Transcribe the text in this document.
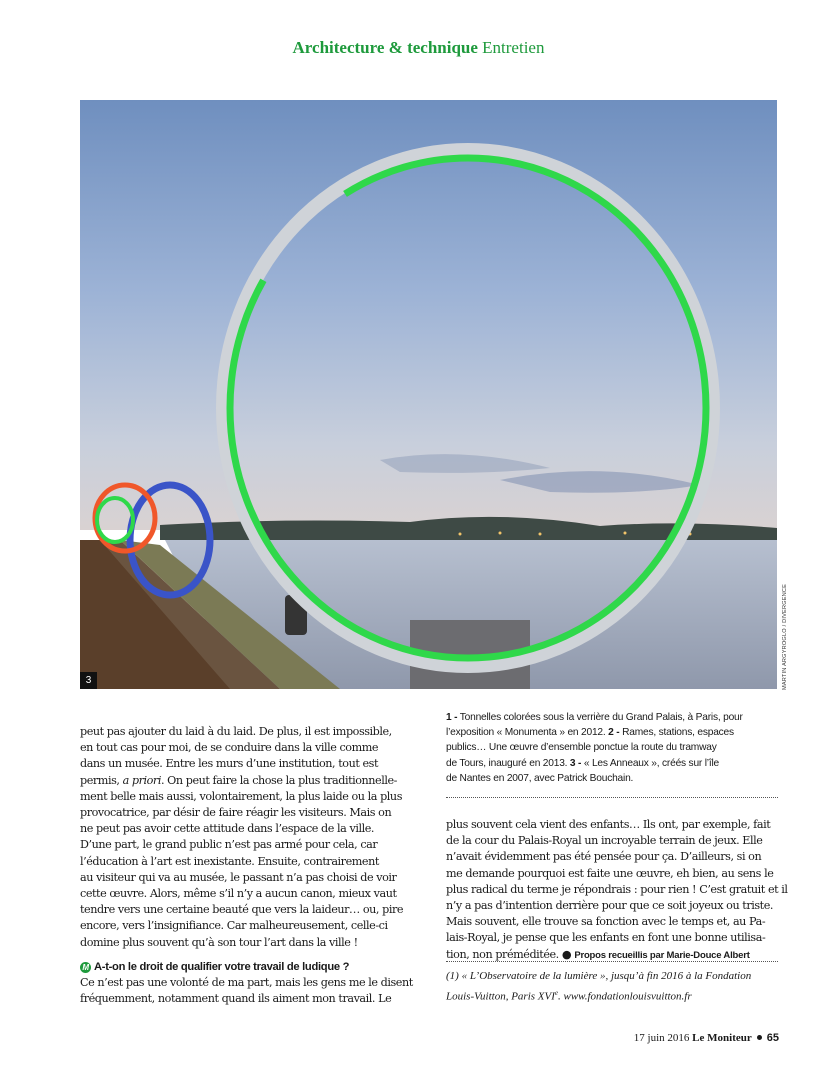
Architecture & technique Entretien
3	MARTIN ARGYROGLO / DIVERGENCE

peut pas ajouter du laid à du laid. De plus, il est impossible,

en tout cas pour moi, de se conduire dans la ville comme

dans un musée. Entre les murs d’une institution, tout est

permis, a priori. On peut faire la chose la plus traditionnelle-

ment belle mais aussi, volontairement, la plus laide ou la plus

provocatrice, par désir de faire réagir les visiteurs. Mais on

ne peut pas avoir cette attitude dans l’espace de la ville.

D’une part, le grand public n’est pas armé pour cela, car

l’éducation à l’art est inexistante. Ensuite, contrairement

au visiteur qui va au musée, le passant n’a pas choisi de voir

cette œuvre. Alors, même s’il n’y a aucun canon, mieux vaut

tendre vers une certaine beauté que vers la laideur… ou, pire

encore, vers l’insignifiance. Car malheureusement, celle-ci

domine plus souvent qu’à son tour l’art dans la ville !

M A-t-on le droit de qualifier votre travail de ludique ?

Ce n’est pas une volonté de ma part, mais les gens me le disent

fréquemment, notamment quand ils aiment mon travail. Le

1 - Tonnelles colorées sous la verrière du Grand Palais, à Paris, pour

l’exposition « Monumenta » en 2012. 2 - Rames, stations, espaces

publics… Une œuvre d’ensemble ponctue la route du tramway

de Tours, inauguré en 2013. 3 - « Les Anneaux », créés sur l’île

de Nantes en 2007, avec Patrick Bouchain.

plus souvent cela vient des enfants… Ils ont, par exemple, fait

de la cour du Palais-Royal un incroyable terrain de jeux. Elle

n’avait évidemment pas été pensée pour ça. D’ailleurs, si on

me demande pourquoi est faite une œuvre, eh bien, au sens le

plus radical du terme je répondrais : pour rien ! C’est gratuit et il

n’y a pas d’intention derrière pour que ce soit joyeux ou triste.

Mais souvent, elle trouve sa fonction avec le temps et, au Pa-

lais-Royal, je pense que les enfants en font une bonne utilisa-

tion, non préméditée. ● Propos recueillis par Marie-Douce Albert

(1) « L’Observatoire de la lumière », jusqu’à fin 2016 à la Fondation

Louis-Vuitton, Paris XVIe. www.fondationlouisvuitton.fr

17 juin 2016 Le Moniteur 65
